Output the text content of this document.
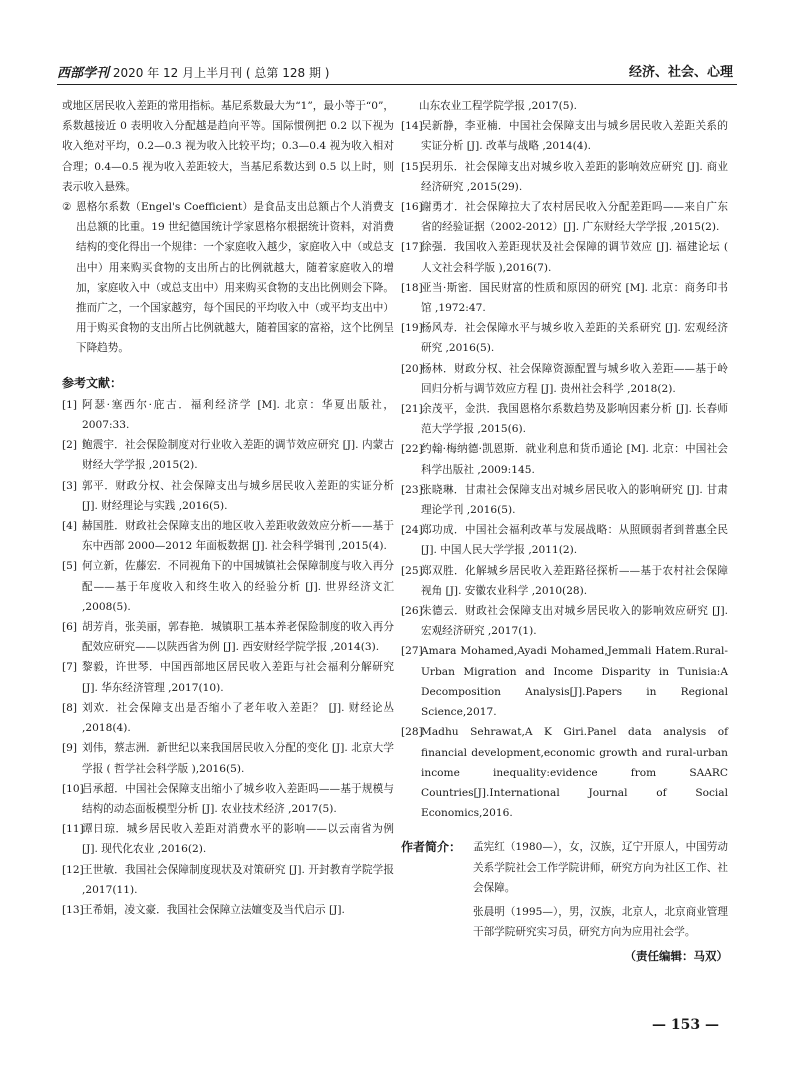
西部学刊 2020 年 12 月上半月刊 ( 总第 128 期 )	经济、社会、心理
或地区居民收入差距的常用指标。基尼系数最大为“1”，最小等于“0”，系数越接近 0 表明收入分配越是趋向平等。国际惯例把 0.2 以下视为收入绝对平均，0.2—0.3 视为收入比较平均；0.3—0.4 视为收入相对合理；0.4—0.5 视为收入差距较大，当基尼系数达到 0.5 以上时，则表示收入悬殊。
② 恩格尔系数（Engel's Coefficient）是食品支出总额占个人消费支出总额的比重。19 世纪德国统计学家恩格尔根据统计资料，对消费结构的变化得出一个规律：一个家庭收入越少，家庭收入中（或总支出中）用来购买食物的支出所占的比例就越大，随着家庭收入的增加，家庭收入中（或总支出中）用来购买食物的支出比例则会下降。推而广之，一个国家越穷，每个国民的平均收入中（或平均支出中）用于购买食物的支出所占比例就越大，随着国家的富裕，这个比例呈下降趋势。
参考文献：
[1] 阿瑟·塞西尔·庇古．福利经济学 [M]. 北京：华夏出版社，2007:33.
[2] 鲍震宇．社会保险制度对行业收入差距的调节效应研究 [J]. 内蒙古财经大学学报 ,2015(2).
[3] 郭平．财政分权、社会保障支出与城乡居民收入差距的实证分析 [J]. 财经理论与实践 ,2016(5).
[4] 赫国胜．财政社会保障支出的地区收入差距收敛效应分析——基于东中西部 2000—2012 年面板数据 [J]. 社会科学辑刊 ,2015(4).
[5] 何立新，佐藤宏．不同视角下的中国城镇社会保障制度与收入再分配——基于年度收入和终生收入的经验分析 [J]. 世界经济文汇 ,2008(5).
[6] 胡芳肖，张美丽，郭春艳．城镇职工基本养老保险制度的收入再分配效应研究——以陕西省为例 [J]. 西安财经学院学报 ,2014(3).
[7] 黎毅，许世琴．中国西部地区居民收入差距与社会福利分解研究 [J]. 华东经济管理 ,2017(10).
[8] 刘欢．社会保障支出是否缩小了老年收入差距？ [J]. 财经论丛 ,2018(4).
[9] 刘伟，蔡志洲．新世纪以来我国居民收入分配的变化 [J]. 北京大学学报 ( 哲学社会科学版 ),2016(5).
[10]
吕承超．中国社会保障支出缩小了城乡收入差距吗——基于规模与结构的动态面板模型分析 [J]. 农业技术经济 ,2017(5).
[11]
谭日琼．城乡居民收入差距对消费水平的影响——以云南省为例 [J]. 现代化农业 ,2016(2).
[12]
王世敏．我国社会保障制度现状及对策研究 [J]. 开封教育学院学报 ,2017(11).
[13]
王希娟，凌文豪．我国社会保障立法嬗变及当代启示 [J].
山东农业工程学院学报 ,2017(5).
[14]
吴新静，李亚楠．中国社会保障支出与城乡居民收入差距关系的实证分析 [J]. 改革与战略 ,2014(4).
[15]
吴玥乐．社会保障支出对城乡收入差距的影响效应研究 [J]. 商业经济研究 ,2015(29).
[16]
谢勇才．社会保障拉大了农村居民收入分配差距吗——来自广东省的经验证据（2002-2012）[J]. 广东财经大学学报 ,2015(2).
[17]
徐强．我国收入差距现状及社会保障的调节效应 [J]. 福建论坛 ( 人文社会科学版 ),2016(7).
[18]
亚当·斯密．国民财富的性质和原因的研究 [M]. 北京：商务印书馆 ,1972:47.
[19]
杨风寿．社会保障水平与城乡收入差距的关系研究 [J]. 宏观经济研究 ,2016(5).
[20]
杨林．财政分权、社会保障资源配置与城乡收入差距——基于岭回归分析与调节效应方程 [J]. 贵州社会科学 ,2018(2).
[21]
余茂平，金洪．我国恩格尔系数趋势及影响因素分析 [J]. 长春师范大学学报 ,2015(6).
[22]
约翰·梅纳德·凯恩斯．就业利息和货币通论 [M]. 北京：中国社会科学出版社 ,2009:145.
[23]
张晓琳．甘肃社会保障支出对城乡居民收入的影响研究 [J]. 甘肃理论学刊 ,2016(5).
[24]
郑功成．中国社会福利改革与发展战略：从照顾弱者到普惠全民 [J]. 中国人民大学学报 ,2011(2).
[25]
郑双胜．化解城乡居民收入差距路径探析——基于农村社会保障视角 [J]. 安徽农业科学 ,2010(28).
[26]
朱德云．财政社会保障支出对城乡居民收入的影响效应研究 [J]. 宏观经济研究 ,2017(1).
[27]
Amara Mohamed,Ayadi Mohamed,Jemmali Hatem.Rural-Urban Migration and Income Disparity in Tunisia:A Decomposition Analysis[J].Papers in Regional Science,2017.
[28]
Madhu Sehrawat,A K Giri.Panel data analysis of financial development,economic growth and rural-urban income inequality:evidence from SAARC Countries[J].International Journal of Social Economics,2016.
作者简介： 孟宪红（1980—），女，汉族，辽宁开原人，中国劳动关系学院社会工作学院讲师，研究方向为社区工作、社会保障。
张晨明（1995—），男，汉族，北京人，北京商业管理干部学院研究实习员，研究方向为应用社会学。
（责任编辑：马双）
— 153 —
